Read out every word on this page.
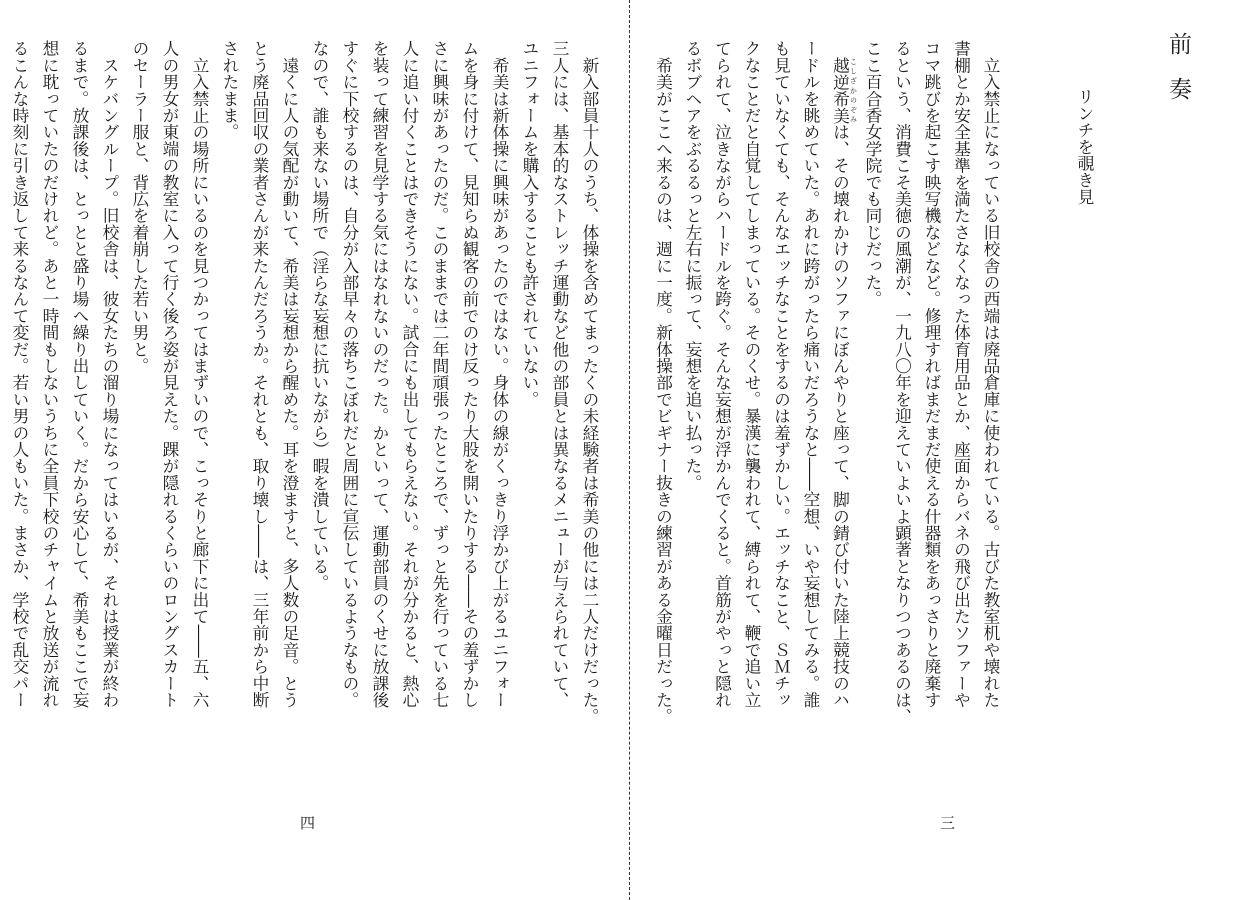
前奏
リンチを覗き見
　立入禁止になっている旧校舎の西端は廃品倉庫に使われている。古びた教室机や壊れた
書棚とか安全基準を満たさなくなった体育用品とか、座面からバネの飛び出たソファーや
コマ跳びを起こす映写機などなど。修理すればまだまだ使える什器類をあっさりと廃棄す
るという、消費こそ美徳の風潮が、一九八〇年を迎えていよいよ顕著となりつつあるのは、
ここ百合香女学院でも同じだった。
　越逆希美 こしざかのぞみは、その壊れかけのソファにぼんやりと座って、脚の錆び付いた陸上競技のハ
ードルを眺めていた。あれに跨がったら痛いだろうなと――空想、いや妄想してみる。誰
も見ていなくても、そんなエッチなことをするのは羞ずかしい。エッチなこと、ＳＭチッ
クなことだと自覚してしまっている。そのくせ。暴漢に襲われて、縛られて、鞭で追い立
てられて、泣きながらハードルを跨ぐ。そんな妄想が浮かんでくると。首筋がやっと隠れ
るボブヘアをぶるるっと左右に振って、妄想を追い払った。
　希美がここへ来るのは、週に一度。新体操部でビギナー抜きの練習がある金曜日だった。
　新入部員十人のうち、体操を含めてまったくの未経験者は希美の他には二人だけだった。
三人には、基本的なストレッチ運動など他の部員とは異なるメニューが与えられていて、
ユニフォームを購入することも許されていない。
　希美は新体操に興味があったのではない。身体の線がくっきり浮かび上がるユニフォー
ムを身に付けて、見知らぬ観客の前でのけ反ったり大股を開いたりする――その羞ずかし
さに興味があったのだ。このままでは二年間頑張ったところで、ずっと先を行っている七
人に追い付くことはできそうにない。試合にも出してもらえない。それが分かると、熱心
を装って練習を見学する気にはなれないのだった。かといって、運動部員のくせに放課後
すぐに下校するのは、自分が入部早々の落ちこぼれだと周囲に宣伝しているようなもの。
なので、誰も来ない場所で（淫らな妄想に抗いながら）暇を潰している。
　遠くに人の気配が動いて、希美は妄想から醒めた。耳を澄ますと、多人数の足音。とう
とう廃品回収の業者さんが来たんだろうか。それとも、取り壊し――は、三年前から中断
されたまま。
　立入禁止の場所にいるのを見つかってはまずいので、こっそりと廊下に出て――五、六
人の男女が東端の教室に入って行く後ろ姿が見えた。踝が隠れるくらいのロングスカート
のセーラー服と、背広を着崩した若い男と。
　スケバングループ。旧校舎は、彼女たちの溜り場になってはいるが、それは授業が終わ
るまで。放課後は、とっとと盛り場へ繰り出していく。だから安心して、希美もここで妄
想に耽っていたのだけれど。あと一時間もしないうちに全員下校のチャイムと放送が流れ
るこんな時刻に引き返して来るなんて変だ。若い男の人もいた。まさか、学校で乱交パー
四	三
